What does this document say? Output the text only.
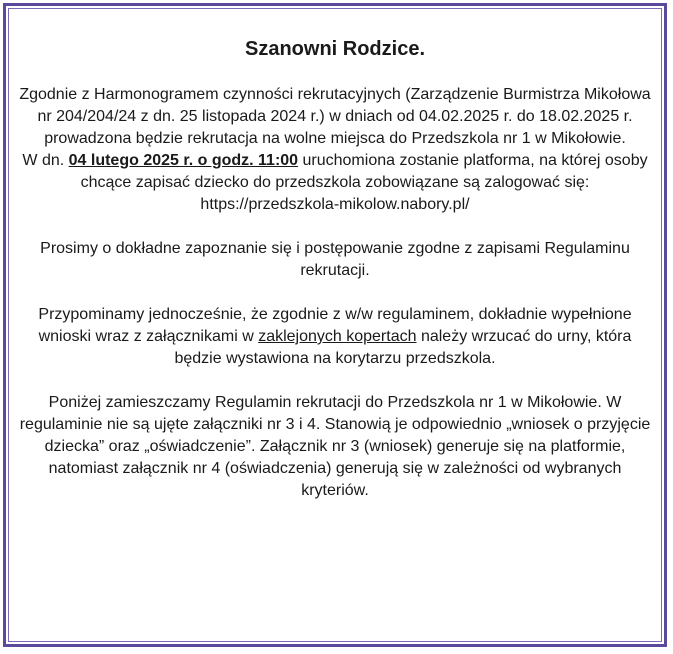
Szanowni Rodzice.
Zgodnie z Harmonogramem czynności rekrutacyjnych (Zarządzenie Burmistrza Mikołowa nr 204/204/24 z dn. 25 listopada 2024 r.) w dniach od 04.02.2025 r. do 18.02.2025 r. prowadzona będzie rekrutacja na wolne miejsca do Przedszkola nr 1 w Mikołowie.
W dn. 04 lutego 2025 r. o godz. 11:00 uruchomiona zostanie platforma, na której osoby chcące zapisać dziecko do przedszkola zobowiązane są zalogować się: https://przedszkola-mikolow.nabory.pl/
Prosimy o dokładne zapoznanie się i postępowanie zgodne z zapisami Regulaminu rekrutacji.
Przypominamy jednocześnie, że zgodnie z w/w regulaminem, dokładnie wypełnione wnioski wraz z załącznikami w zaklejonych kopertach należy wrzucać do urny, która będzie wystawiona na korytarzu przedszkola.
Poniżej zamieszczamy Regulamin rekrutacji do Przedszkola nr 1 w Mikołowie. W regulaminie nie są ujęte załączniki nr 3 i 4. Stanowią je odpowiednio „wniosek o przyjęcie dziecka” oraz „oświadczenie”. Załącznik nr 3 (wniosek) generuje się na platformie, natomiast załącznik nr 4 (oświadczenia) generują się w zależności od wybranych kryteriów.
